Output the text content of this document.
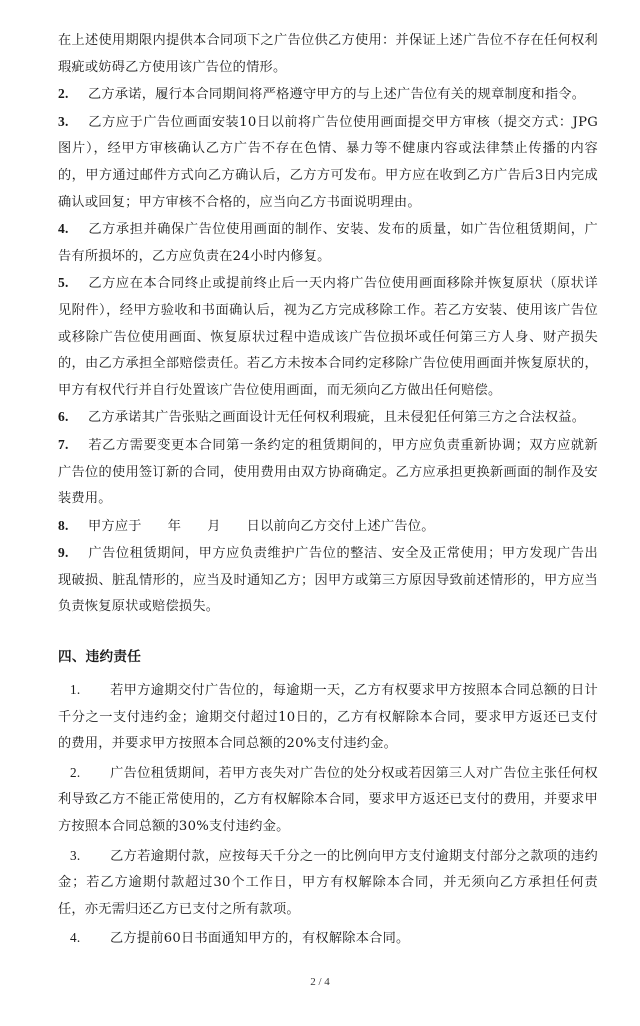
在上述使用期限内提供本合同项下之广告位供乙方使用：并保证上述广告位不存在任何权利瑕疵或妨碍乙方使用该广告位的情形。

2. 乙方承诺，履行本合同期间将严格遵守甲方的与上述广告位有关的规章制度和指令。

3. 乙方应于广告位画面安装10日以前将广告位使用画面提交甲方审核（提交方式：JPG图片），经甲方审核确认乙方广告不存在色情、暴力等不健康内容或法律禁止传播的内容的，甲方通过邮件方式向乙方确认后，乙方方可发布。甲方应在收到乙方广告后3日内完成确认或回复；甲方审核不合格的，应当向乙方书面说明理由。

4. 乙方承担并确保广告位使用画面的制作、安装、发布的质量，如广告位租赁期间，广告有所损坏的，乙方应负责在24小时内修复。

5. 乙方应在本合同终止或提前终止后一天内将广告位使用画面移除并恢复原状（原状详见附件），经甲方验收和书面确认后，视为乙方完成移除工作。若乙方安装、使用该广告位或移除广告位使用画面、恢复原状过程中造成该广告位损坏或任何第三方人身、财产损失的，由乙方承担全部赔偿责任。若乙方未按本合同约定移除广告位使用画面并恢复原状的，甲方有权代行并自行处置该广告位使用画面，而无须向乙方做出任何赔偿。

6. 乙方承诺其广告张贴之画面设计无任何权利瑕疵，且未侵犯任何第三方之合法权益。

7. 若乙方需要变更本合同第一条约定的租赁期间的，甲方应负责重新协调；双方应就新广告位的使用签订新的合同，使用费用由双方协商确定。乙方应承担更换新画面的制作及安装费用。

8. 甲方应于 年 月 日以前向乙方交付上述广告位。

9. 广告位租赁期间，甲方应负责维护广告位的整洁、安全及正常使用；甲方发现广告出现破损、脏乱情形的，应当及时通知乙方；因甲方或第三方原因导致前述情形的，甲方应当负责恢复原状或赔偿损失。

四、违约责任

1. 若甲方逾期交付广告位的，每逾期一天，乙方有权要求甲方按照本合同总额的日计千分之一支付违约金；逾期交付超过10日的，乙方有权解除本合同，要求甲方返还已支付的费用，并要求甲方按照本合同总额的20%支付违约金。

2. 广告位租赁期间，若甲方丧失对广告位的处分权或若因第三人对广告位主张任何权利导致乙方不能正常使用的，乙方有权解除本合同，要求甲方返还已支付的费用，并要求甲方按照本合同总额的30%支付违约金。

3. 乙方若逾期付款，应按每天千分之一的比例向甲方支付逾期支付部分之款项的违约金；若乙方逾期付款超过30个工作日，甲方有权解除本合同，并无须向乙方承担任何责任，亦无需归还乙方已支付之所有款项。

4. 乙方提前60日书面通知甲方的，有权解除本合同。

2 / 4
